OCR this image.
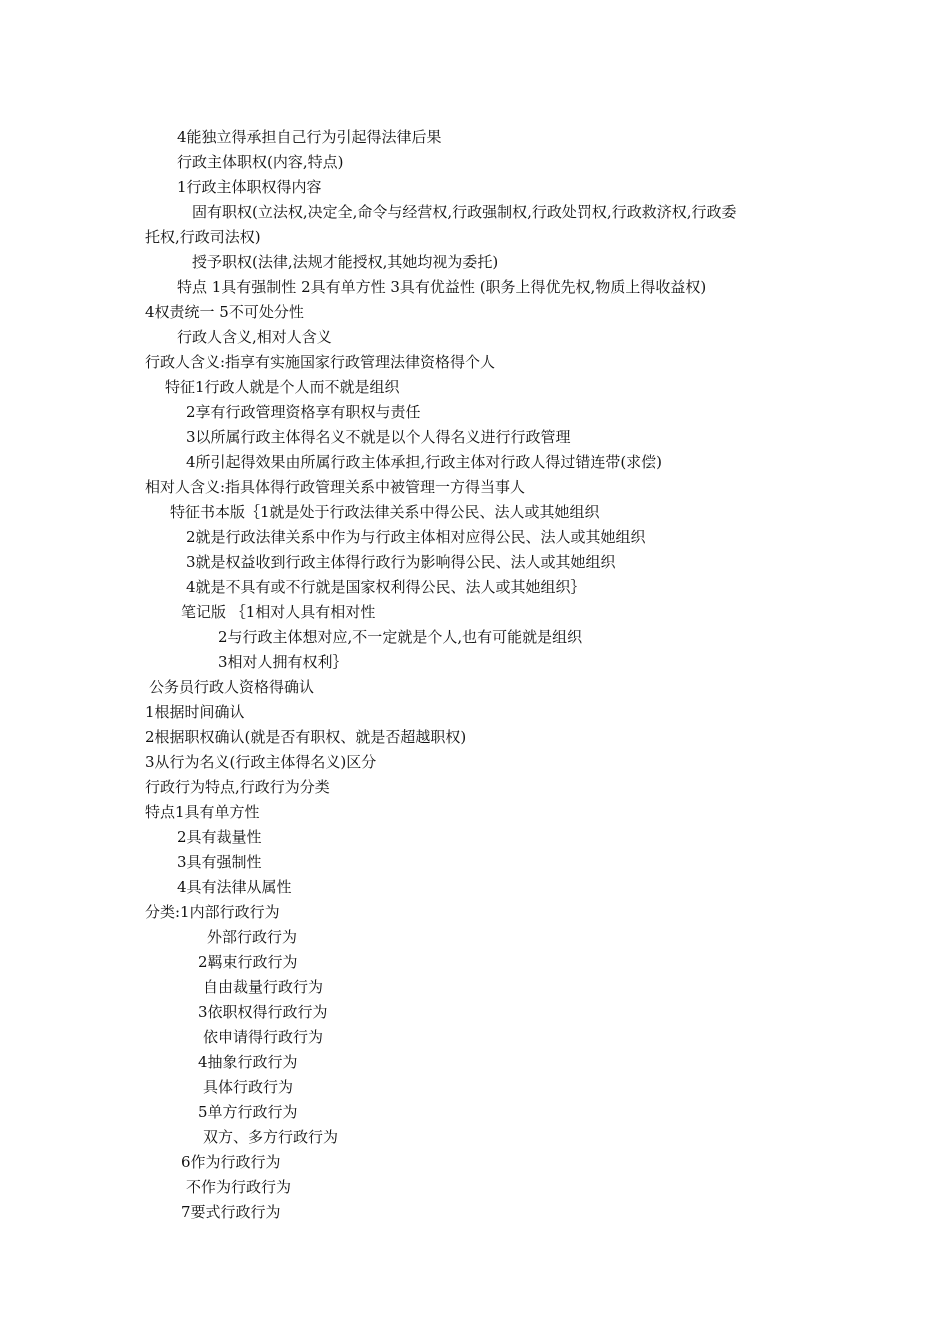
4能独立得承担自己行为引起得法律后果
行政主体职权(内容,特点)
1行政主体职权得内容
固有职权(立法权,决定全,命令与经营权,行政强制权,行政处罚权,行政救济权,行政委
托权,行政司法权)
授予职权(法律,法规才能授权,其她均视为委托)
特点 1具有强制性 2具有单方性 3具有优益性 (职务上得优先权,物质上得收益权)
4权责统一 5不可处分性
行政人含义,相对人含义
行政人含义:指享有实施国家行政管理法律资格得个人
特征1行政人就是个人而不就是组织
2享有行政管理资格享有职权与责任
3以所属行政主体得名义不就是以个人得名义进行行政管理
4所引起得效果由所属行政主体承担,行政主体对行政人得过错连带(求偿)
相对人含义:指具体得行政管理关系中被管理一方得当事人
特征书本版｛1就是处于行政法律关系中得公民、法人或其她组织
2就是行政法律关系中作为与行政主体相对应得公民、法人或其她组织
3就是权益收到行政主体得行政行为影响得公民、法人或其她组织
4就是不具有或不行就是国家权利得公民、法人或其她组织｝
笔记版 ｛1相对人具有相对性
2与行政主体想对应,不一定就是个人,也有可能就是组织
3相对人拥有权利｝
公务员行政人资格得确认
1根据时间确认
2根据职权确认(就是否有职权、就是否超越职权)
3从行为名义(行政主体得名义)区分
行政行为特点,行政行为分类
特点1具有单方性
2具有裁量性
3具有强制性
4具有法律从属性
分类:1内部行政行为
外部行政行为
2羁束行政行为
自由裁量行政行为
3依职权得行政行为
依申请得行政行为
4抽象行政行为
具体行政行为
5单方行政行为
双方、多方行政行为
6作为行政行为
不作为行政行为
7要式行政行为
